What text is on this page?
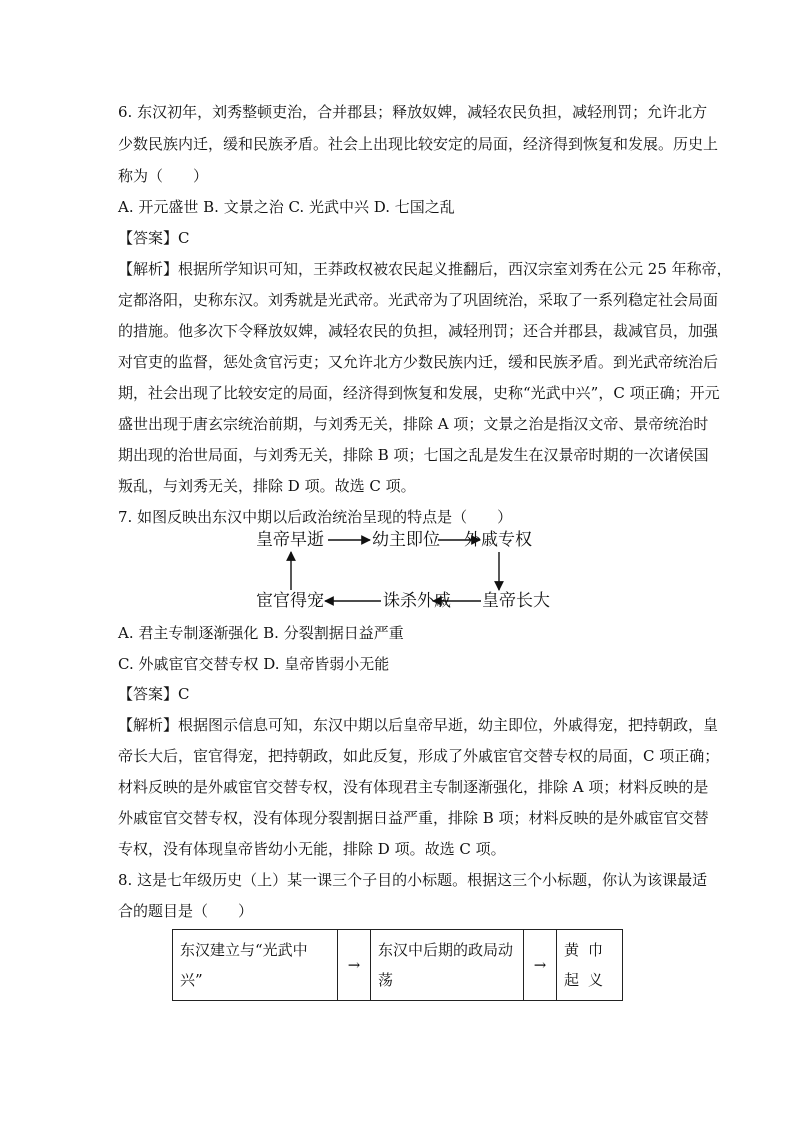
6. 东汉初年，刘秀整顿吏治，合并郡县；释放奴婢，减轻农民负担，减轻刑罚；允许北方
少数民族内迁，缓和民族矛盾。社会上出现比较安定的局面，经济得到恢复和发展。历史上
称为（　　）
A. 开元盛世 B. 文景之治 C. 光武中兴 D. 七国之乱
【答案】C
【解析】根据所学知识可知，王莽政权被农民起义推翻后，西汉宗室刘秀在公元 25 年称帝，
定都洛阳，史称东汉。刘秀就是光武帝。光武帝为了巩固统治，采取了一系列稳定社会局面
的措施。他多次下令释放奴婢，减轻农民的负担，减轻刑罚；还合并郡县，裁减官员，加强
对官吏的监督，惩处贪官污吏；又允许北方少数民族内迁，缓和民族矛盾。到光武帝统治后
期，社会出现了比较安定的局面，经济得到恢复和发展，史称“光武中兴”，C 项正确；开元
盛世出现于唐玄宗统治前期，与刘秀无关，排除 A 项；文景之治是指汉文帝、景帝统治时
期出现的治世局面，与刘秀无关，排除 B 项；七国之乱是发生在汉景帝时期的一次诸侯国
叛乱，与刘秀无关，排除 D 项。故选 C 项。
7. 如图反映出东汉中期以后政治统治呈现的特点是（　　）
皇帝早逝	幼主即位 外戚专权
皇帝长大
诛杀外戚
宦官得宠
A. 君主专制逐渐强化 B. 分裂割据日益严重
C. 外戚宦官交替专权 D. 皇帝皆弱小无能
【答案】C
【解析】根据图示信息可知，东汉中期以后皇帝早逝，幼主即位，外戚得宠，把持朝政，皇
帝长大后，宦官得宠，把持朝政，如此反复，形成了外戚宦官交替专权的局面，C 项正确；
材料反映的是外戚宦官交替专权，没有体现君主专制逐渐强化，排除 A 项；材料反映的是
外戚宦官交替专权，没有体现分裂割据日益严重，排除 B 项；材料反映的是外戚宦官交替
专权，没有体现皇帝皆幼小无能，排除 D 项。故选 C 项。
8. 这是七年级历史（上）某一课三个子目的小标题。根据这三个小标题，你认为该课最适
合的题目是（　　）
东汉建立与“光武中兴”	→	东汉中后期的政局动荡	→	黄巾起义
